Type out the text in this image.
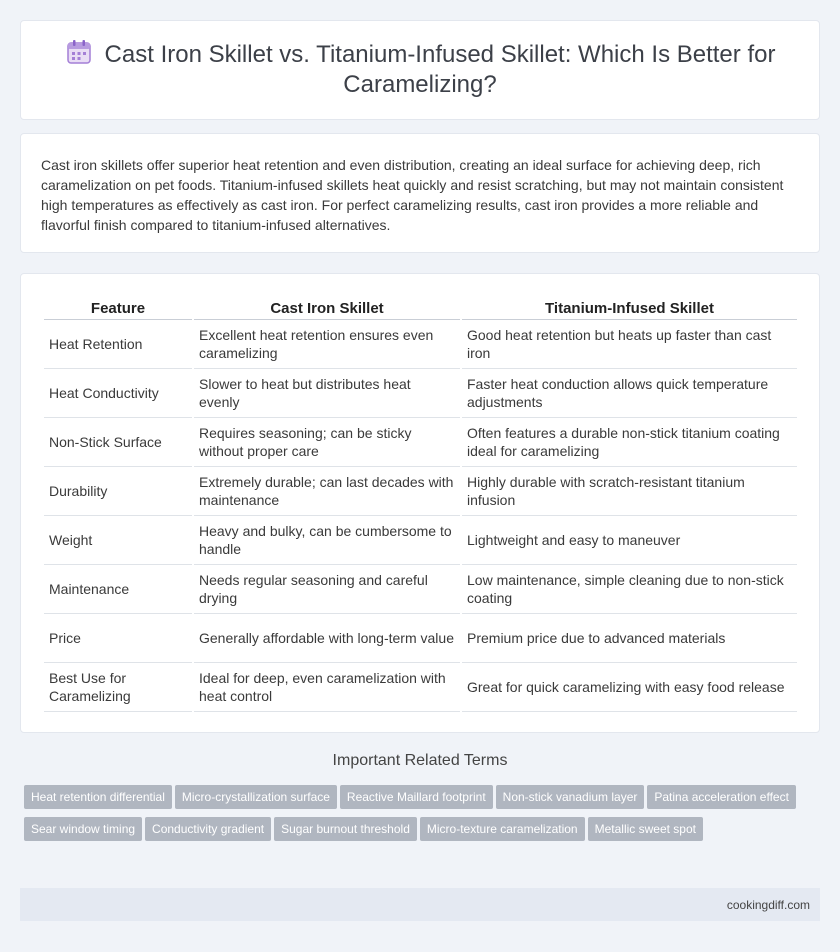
Cast Iron Skillet vs. Titanium-Infused Skillet: Which Is Better for Caramelizing?

Cast iron skillets offer superior heat retention and even distribution, creating an ideal surface for achieving deep, rich caramelization on pet foods. Titanium-infused skillets heat quickly and resist scratching, but may not maintain consistent high temperatures as effectively as cast iron. For perfect caramelizing results, cast iron provides a more reliable and flavorful finish compared to titanium-infused alternatives.

Feature	Cast Iron Skillet	Titanium-Infused Skillet
Heat Retention	Excellent heat retention ensures even caramelizing	Good heat retention but heats up faster than cast iron
Heat Conductivity	Slower to heat but distributes heat evenly	Faster heat conduction allows quick temperature adjustments
Non-Stick Surface	Requires seasoning; can be sticky without proper care	Often features a durable non-stick titanium coating ideal for caramelizing
Durability	Extremely durable; can last decades with maintenance	Highly durable with scratch-resistant titanium infusion
Weight	Heavy and bulky, can be cumbersome to handle	Lightweight and easy to maneuver
Maintenance	Needs regular seasoning and careful drying	Low maintenance, simple cleaning due to non-stick coating
Price	Generally affordable with long-term value	Premium price due to advanced materials
Best Use for Caramelizing	Ideal for deep, even caramelization with heat control	Great for quick caramelizing with easy food release
Important Related Terms
Heat retention differential Micro-crystallization surface Reactive Maillard footprint Non-stick vanadium layer Patina acceleration effectSear window timing Conductivity gradient Sugar burnout threshold Micro-texture caramelization Metallic sweet spot
cookingdiff.com
